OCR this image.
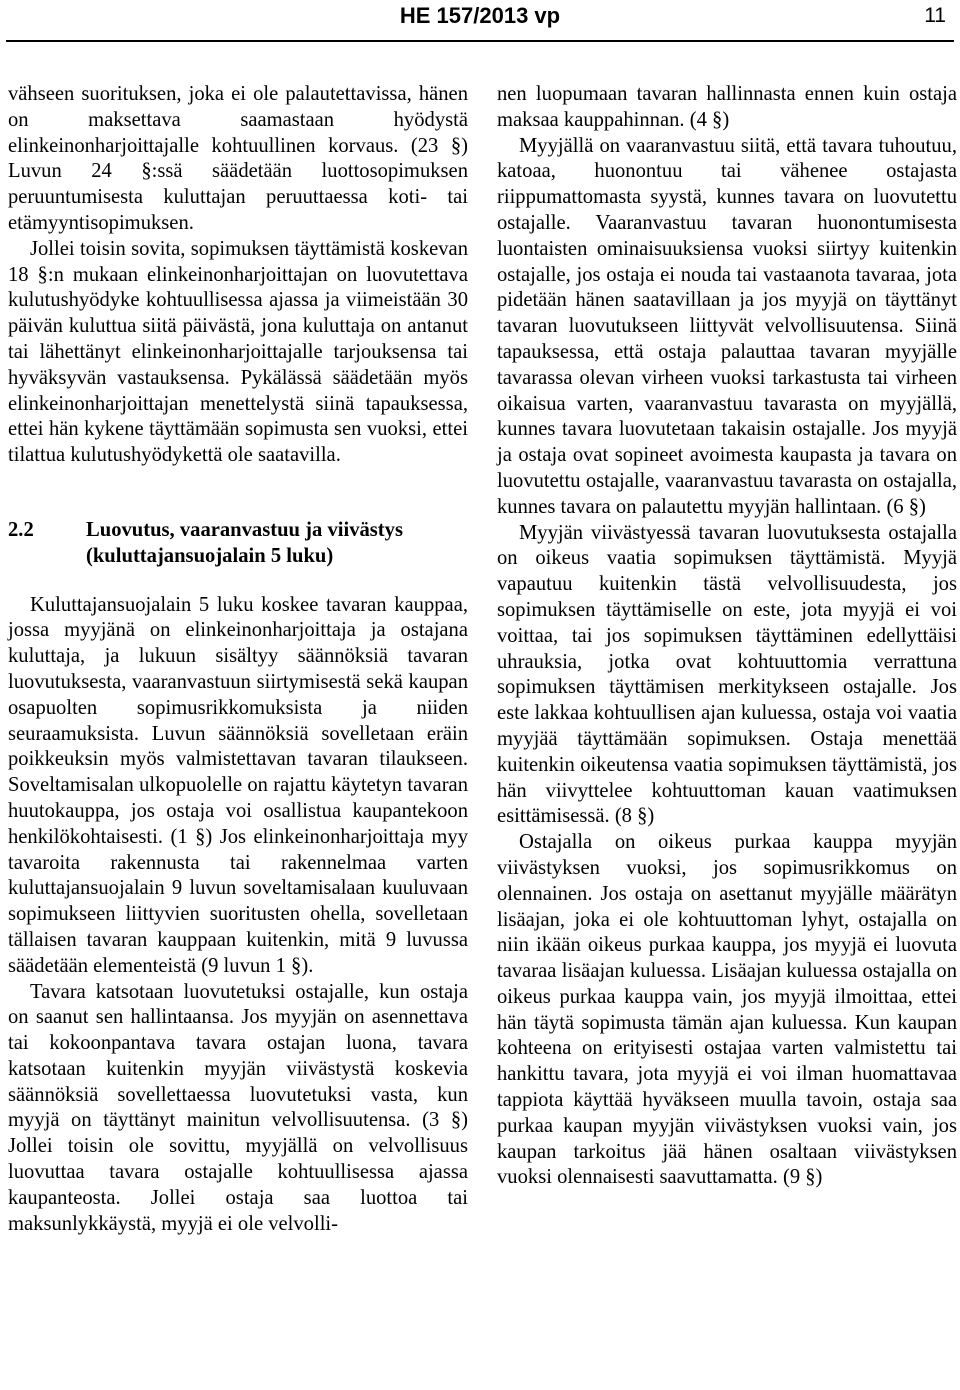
HE 157/2013 vp	11

vähseen suorituksen, joka ei ole palautettavissa, hänen on maksettava saamastaan hyödystä elinkeinonharjoittajalle kohtuullinen korvaus. (23 §) Luvun 24 §:ssä säädetään luottosopimuksen peruuntumisesta kuluttajan peruuttaessa koti- tai etämyyntisopimuksen.

Jollei toisin sovita, sopimuksen täyttämistä koskevan 18 §:n mukaan elinkeinonharjoittajan on luovutettava kulutushyödyke kohtuullisessa ajassa ja viimeistään 30 päivän kuluttua siitä päivästä, jona kuluttaja on antanut tai lähettänyt elinkeinonharjoittajalle tarjouksensa tai hyväksyvän vastauksensa. Pykälässä säädetään myös elinkeinonharjoittajan menettelystä siinä tapauksessa, ettei hän kykene täyttämään sopimusta sen vuoksi, ettei tilattua kulutushyödykettä ole saatavilla.

2.2	Luovutus, vaaranvastuu ja viivästys (kuluttajansuojalain 5 luku)

Kuluttajansuojalain 5 luku koskee tavaran kauppaa, jossa myyjänä on elinkeinonharjoittaja ja ostajana kuluttaja, ja lukuun sisältyy säännöksiä tavaran luovutuksesta, vaaranvastuun siirtymisestä sekä kaupan osapuolten sopimusrikkomuksista ja niiden seuraamuksista. Luvun säännöksiä sovelletaan eräin poikkeuksin myös valmistettavan tavaran tilaukseen. Soveltamisalan ulkopuolelle on rajattu käytetyn tavaran huutokauppa, jos ostaja voi osallistua kaupantekoon henkilökohtaisesti. (1 §) Jos elinkeinonharjoittaja myy tavaroita rakennusta tai rakennelmaa varten kuluttajansuojalain 9 luvun soveltamisalaan kuuluvaan sopimukseen liittyvien suoritusten ohella, sovelletaan tällaisen tavaran kauppaan kuitenkin, mitä 9 luvussa säädetään elementeistä (9 luvun 1 §).

Tavara katsotaan luovutetuksi ostajalle, kun ostaja on saanut sen hallintaansa. Jos myyjän on asennettava tai kokoonpantava tavara ostajan luona, tavara katsotaan kuitenkin myyjän viivästystä koskevia säännöksiä sovellettaessa luovutetuksi vasta, kun myyjä on täyttänyt mainitun velvollisuutensa. (3 §) Jollei toisin ole sovittu, myyjällä on velvollisuus luovuttaa tavara ostajalle kohtuullisessa ajassa kaupanteosta. Jollei ostaja saa luottoa tai maksunlykkäystä, myyjä ei ole velvolli-

nen luopumaan tavaran hallinnasta ennen kuin ostaja maksaa kauppahinnan. (4 §)

Myyjällä on vaaranvastuu siitä, että tavara tuhoutuu, katoaa, huonontuu tai vähenee ostajasta riippumattomasta syystä, kunnes tavara on luovutettu ostajalle. Vaaranvastuu tavaran huonontumisesta luontaisten ominaisuuksiensa vuoksi siirtyy kuitenkin ostajalle, jos ostaja ei nouda tai vastaanota tavaraa, jota pidetään hänen saatavillaan ja jos myyjä on täyttänyt tavaran luovutukseen liittyvät velvollisuutensa. Siinä tapauksessa, että ostaja palauttaa tavaran myyjälle tavarassa olevan virheen vuoksi tarkastusta tai virheen oikaisua varten, vaaranvastuu tavarasta on myyjällä, kunnes tavara luovutetaan takaisin ostajalle. Jos myyjä ja ostaja ovat sopineet avoimesta kaupasta ja tavara on luovutettu ostajalle, vaaranvastuu tavarasta on ostajalla, kunnes tavara on palautettu myyjän hallintaan. (6 §)

Myyjän viivästyessä tavaran luovutuksesta ostajalla on oikeus vaatia sopimuksen täyttämistä. Myyjä vapautuu kuitenkin tästä velvollisuudesta, jos sopimuksen täyttämiselle on este, jota myyjä ei voi voittaa, tai jos sopimuksen täyttäminen edellyttäisi uhrauksia, jotka ovat kohtuuttomia verrattuna sopimuksen täyttämisen merkitykseen ostajalle. Jos este lakkaa kohtuullisen ajan kuluessa, ostaja voi vaatia myyjää täyttämään sopimuksen. Ostaja menettää kuitenkin oikeutensa vaatia sopimuksen täyttämistä, jos hän viivyttelee kohtuuttoman kauan vaatimuksen esittämisessä. (8 §)

Ostajalla on oikeus purkaa kauppa myyjän viivästyksen vuoksi, jos sopimusrikkomus on olennainen. Jos ostaja on asettanut myyjälle määrätyn lisäajan, joka ei ole kohtuuttoman lyhyt, ostajalla on niin ikään oikeus purkaa kauppa, jos myyjä ei luovuta tavaraa lisäajan kuluessa. Lisäajan kuluessa ostajalla on oikeus purkaa kauppa vain, jos myyjä ilmoittaa, ettei hän täytä sopimusta tämän ajan kuluessa. Kun kaupan kohteena on erityisesti ostajaa varten valmistettu tai hankittu tavara, jota myyjä ei voi ilman huomattavaa tappiota käyttää hyväkseen muulla tavoin, ostaja saa purkaa kaupan myyjän viivästyksen vuoksi vain, jos kaupan tarkoitus jää hänen osaltaan viivästyksen vuoksi olennaisesti saavuttamatta. (9 §)
